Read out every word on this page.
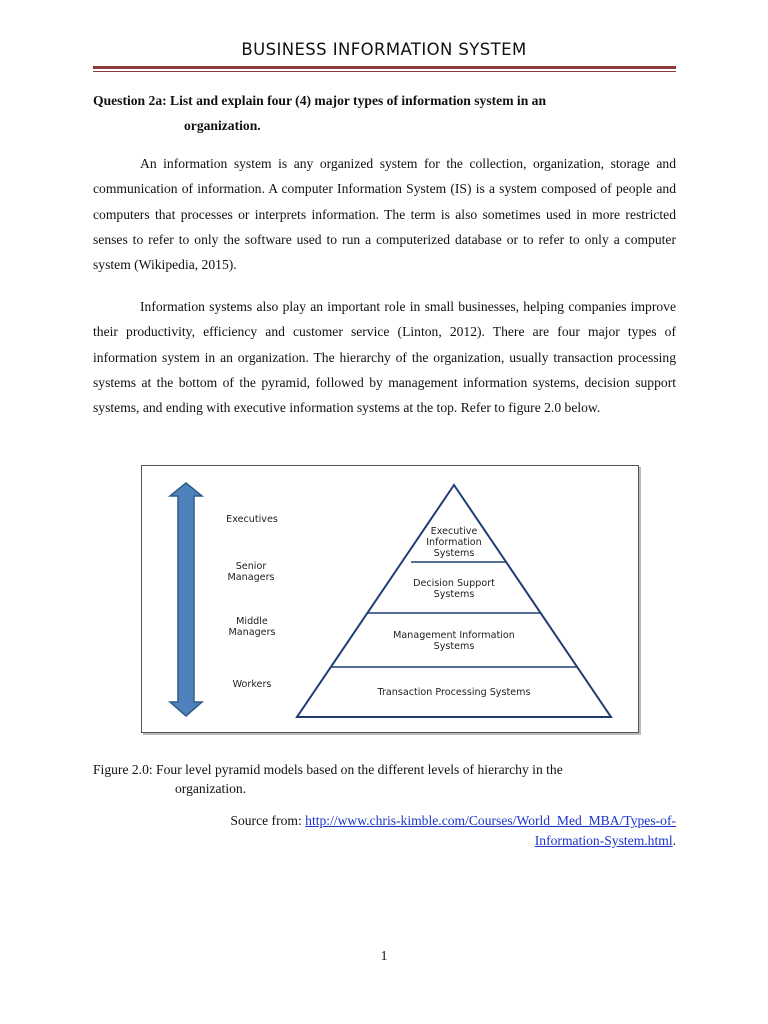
BUSINESS INFORMATION SYSTEM
Question 2a: List and explain four (4) major types of information system in an
organization.

An information system is any organized system for the collection, organization, storage and communication of information. A computer Information System (IS) is a system composed of people and computers that processes or interprets information. The term is also sometimes used in more restricted senses to refer to only the software used to run a computerized database or to refer to only a computer system (Wikipedia, 2015).

Information systems also play an important role in small businesses, helping companies improve their productivity, efficiency and customer service (Linton, 2012). There are four major types of information system in an organization. The hierarchy of the organization, usually transaction processing systems at the bottom of the pyramid, followed by management information systems, decision support systems, and ending with executive information systems at the top. Refer to figure 2.0 below.

Executives
Senior
Managers
Middle
Managers
Workers
Executive
Information
Systems
Decision Support
Systems
Management Information
Systems
Transaction Processing Systems
Figure 2.0: Four level pyramid models based on the different levels of hierarchy in the
organization.
Source from: http://www.chris-kimble.com/Courses/World_Med_MBA/Types-of-
Information-System.html.
1
